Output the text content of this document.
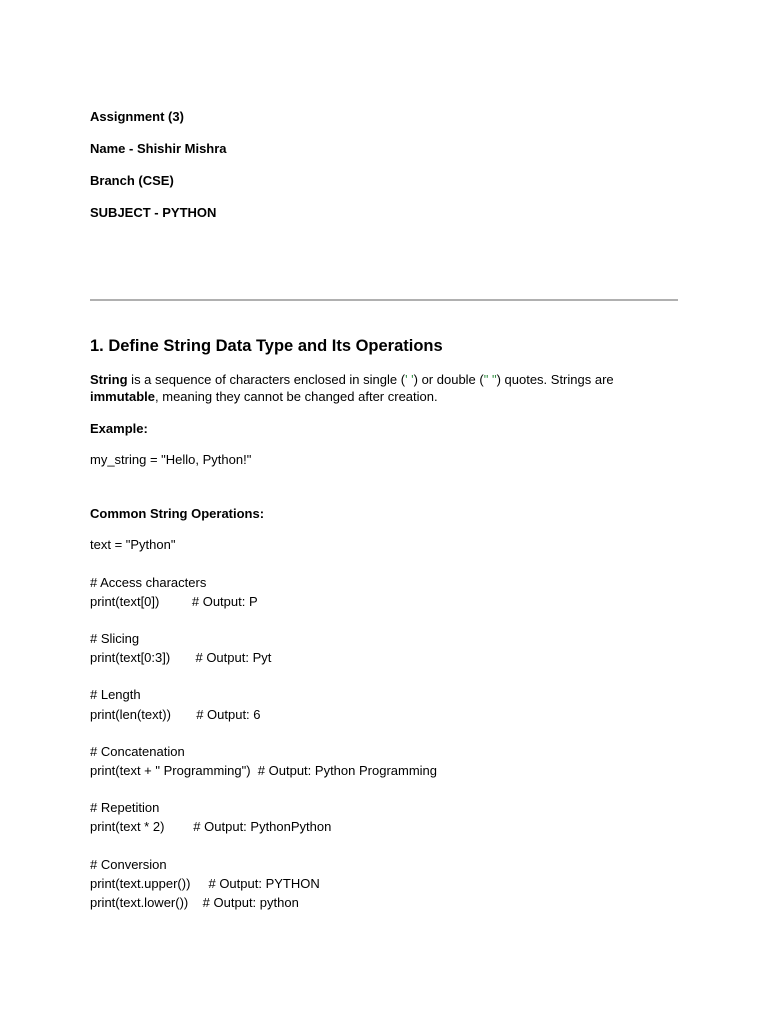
Assignment (3)
Name - Shishir Mishra
Branch (CSE)
SUBJECT - PYTHON
1. Define String Data Type and Its Operations
String is a sequence of characters enclosed in single (' ') or double (" ") quotes. Strings are
immutable, meaning they cannot be changed after creation.
Example:
my_string = "Hello, Python!"
Common String Operations:
text = "Python"
# Access characters
print(text[0])         # Output: P
# Slicing
print(text[0:3])       # Output: Pyt
# Length
print(len(text))       # Output: 6
# Concatenation
print(text + " Programming")  # Output: Python Programming
# Repetition
print(text * 2)        # Output: PythonPython
# Conversion
print(text.upper())     # Output: PYTHON
print(text.lower())    # Output: python
